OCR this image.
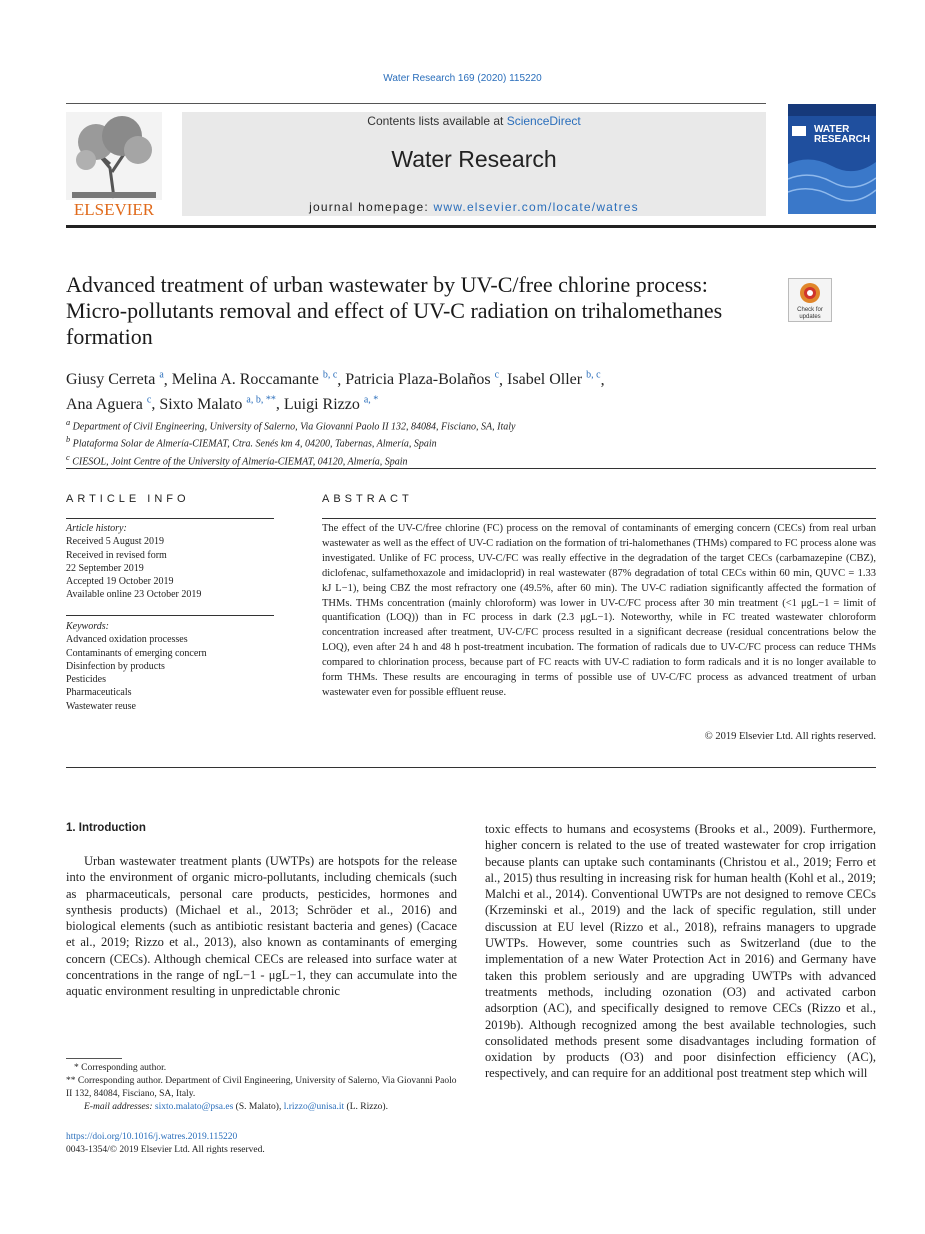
Water Research 169 (2020) 115220
ELSEVIER
Contents lists available at ScienceDirect
Water Research
journal homepage: www.elsevier.com/locate/watres
WATER
RESEARCH
Advanced treatment of urban wastewater by UV-C/free chlorine process: Micro-pollutants removal and effect of UV-C radiation on trihalomethanes formation
Check for
updates
Giusy Cerreta $^a$, Melina A. Roccamante $^{b, c}$, Patricia Plaza-Bolaños $^c$, Isabel Oller $^{b, c}$,
Ana Aguera $^c$, Sixto Malato $^{a, b, **}$, Luigi Rizzo $^{a, *}$
$^a$ Department of Civil Engineering, University of Salerno, Via Giovanni Paolo II 132, 84084, Fisciano, SA, Italy
$^b$ Plataforma Solar de Almería-CIEMAT, Ctra. Senés km 4, 04200, Tabernas, Almería, Spain
$^c$ CIESOL, Joint Centre of the University of Almería-CIEMAT, 04120, Almería, Spain
ARTICLE INFO	ABSTRACT
Article history:
Received 5 August 2019
Received in revised form
22 September 2019
Accepted 19 October 2019
Available online 23 October 2019
Keywords:
Advanced oxidation processes
Contaminants of emerging concern
Disinfection by products
Pesticides
Pharmaceuticals
Wastewater reuse
The effect of the UV-C/free chlorine (FC) process on the removal of contaminants of emerging concern (CECs) from real urban wastewater as well as the effect of UV-C radiation on the formation of tri-halomethanes (THMs) compared to FC process alone was investigated. Unlike of FC process, UV-C/FC was really effective in the degradation of the target CECs (carbamazepine (CBZ), diclofenac, sulfamethoxazole and imidacloprid) in real wastewater (87% degradation of total CECs within 60 min, QUVC = 1.33 kJ L−1), being CBZ the most refractory one (49.5%, after 60 min). The UV-C radiation significantly affected the formation of THMs. THMs concentration (mainly chloroform) was lower in UV-C/FC process after 30 min treatment (<1 μgL−1 = limit of quantification (LOQ)) than in FC process in dark (2.3 μgL−1). Noteworthy, while in FC treated wastewater chloroform concentration increased after treatment, UV-C/FC process resulted in a significant decrease (residual concentrations below the LOQ), even after 24 h and 48 h post-treatment incubation. The formation of radicals due to UV-C/FC process can reduce THMs compared to chlorination process, because part of FC reacts with UV-C radiation to form radicals and it is no longer available to form THMs. These results are encouraging in terms of possible use of UV-C/FC process as advanced treatment of urban wastewater even for possible effluent reuse.
© 2019 Elsevier Ltd. All rights reserved.
1. Introduction
Urban wastewater treatment plants (UWTPs) are hotspots for the release into the environment of organic micro-pollutants, including chemicals (such as pharmaceuticals, personal care products, pesticides, hormones and synthesis products) (Michael et al., 2013; Schröder et al., 2016) and biological elements (such as antibiotic resistant bacteria and genes) (Cacace et al., 2019; Rizzo et al., 2013), also known as contaminants of emerging concern (CECs). Although chemical CECs are released into surface water at concentrations in the range of ngL−1 - μgL−1, they can accumulate into the aquatic environment resulting in unpredictable chronic
toxic effects to humans and ecosystems (Brooks et al., 2009). Furthermore, higher concern is related to the use of treated wastewater for crop irrigation because plants can uptake such contaminants (Christou et al., 2019; Ferro et al., 2015) thus resulting in increasing risk for human health (Kohl et al., 2019; Malchi et al., 2014). Conventional UWTPs are not designed to remove CECs (Krzeminski et al., 2019) and the lack of specific regulation, still under discussion at EU level (Rizzo et al., 2018), refrains managers to upgrade UWTPs. However, some countries such as Switzerland (due to the implementation of a new Water Protection Act in 2016) and Germany have taken this problem seriously and are upgrading UWTPs with advanced treatments methods, including ozonation (O3) and activated carbon adsorption (AC), and specifically designed to remove CECs (Rizzo et al., 2019b). Although recognized among the best available technologies, such consolidated methods present some disadvantages including formation of oxidation by products (O3) and poor disinfection efficiency (AC), respectively, and can require for an additional post treatment step which will
* Corresponding author.
** Corresponding author. Department of Civil Engineering, University of Salerno, Via Giovanni Paolo II 132, 84084, Fisciano, SA, Italy.
E-mail addresses: sixto.malato@psa.es (S. Malato), l.rizzo@unisa.it (L. Rizzo).
https://doi.org/10.1016/j.watres.2019.115220
0043-1354/© 2019 Elsevier Ltd. All rights reserved.
